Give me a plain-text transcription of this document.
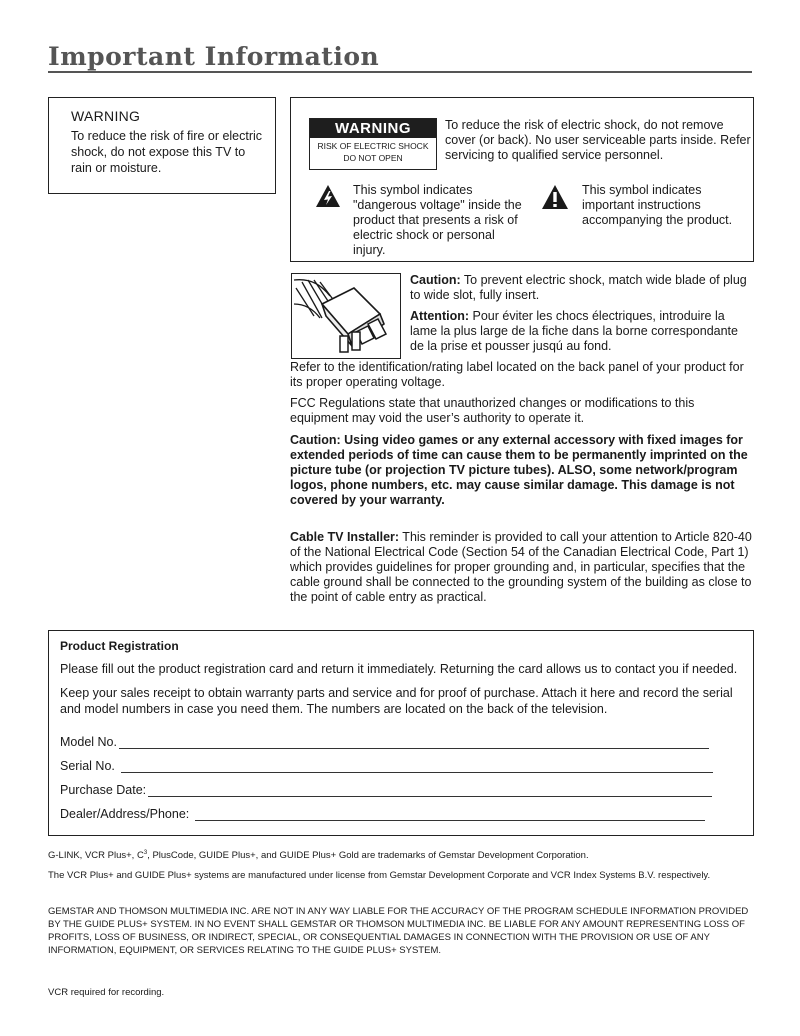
Important Information
WARNING

To reduce the risk of fire or electric shock, do not expose this TV to rain or moisture.

WARNING
RISK OF ELECTRIC SHOCK
DO NOT OPEN
To reduce the risk of electric shock, do not remove cover (or back). No user serviceable parts inside. Refer servicing to qualified service personnel.
This symbol indicates "dangerous voltage" inside the product that presents a risk of electric shock or personal injury.
This symbol indicates important instructions accompanying the product.

Caution: To prevent electric shock, match wide blade of plug to wide slot, fully insert.

Attention: Pour éviter les chocs électriques, introduire la lame la plus large de la fiche dans la borne correspondante de la prise et pousser jusqú au fond.

Refer to the identification/rating label located on the back panel of your product for its proper operating voltage.
FCC Regulations state that unauthorized changes or modifications to this equipment may void the user’s authority to operate it.
Caution: Using video games or any external accessory with fixed images for extended periods of time can cause them to be permanently imprinted on the picture tube (or projection TV picture tubes). ALSO, some network/program logos, phone numbers, etc. may cause similar damage. This damage is not covered by your warranty.

Cable TV Installer: This reminder is provided to call your attention to Article 820-40 of the National Electrical Code (Section 54 of the Canadian Electrical Code, Part 1) which provides guidelines for proper grounding and, in particular, specifies that the cable ground shall be connected to the grounding system of the building as close to the point of cable entry as practical.

Product Registration

Please fill out the product registration card and return it immediately. Returning the card allows us to contact you if needed.

Keep your sales receipt to obtain warranty parts and service and for proof of purchase. Attach it here and record the serial and model numbers in case you need them. The numbers are located on the back of the television.

Model No.
Serial No.
Purchase Date:
Dealer/Address/Phone:

G-LINK, VCR Plus+, $C^3$, PlusCode, GUIDE Plus+, and GUIDE Plus+ Gold are trademarks of Gemstar Development Corporation.

The VCR Plus+ and GUIDE Plus+ systems are manufactured under license from Gemstar Development Corporate and VCR Index Systems B.V. respectively.
GEMSTAR AND THOMSON MULTIMEDIA INC. ARE NOT IN ANY WAY LIABLE FOR THE ACCURACY OF THE PROGRAM SCHEDULE INFORMATION PROVIDED BY THE GUIDE PLUS+ SYSTEM. IN NO EVENT SHALL GEMSTAR OR THOMSON MULTIMEDIA INC. BE LIABLE FOR ANY AMOUNT REPRESENTING LOSS OF PROFITS, LOSS OF BUSINESS, OR INDIRECT, SPECIAL, OR CONSEQUENTIAL DAMAGES IN CONNECTION WITH THE PROVISION OR USE OF ANY INFORMATION, EQUIPMENT, OR SERVICES RELATING TO THE GUIDE PLUS+ SYSTEM.
VCR required for recording.
